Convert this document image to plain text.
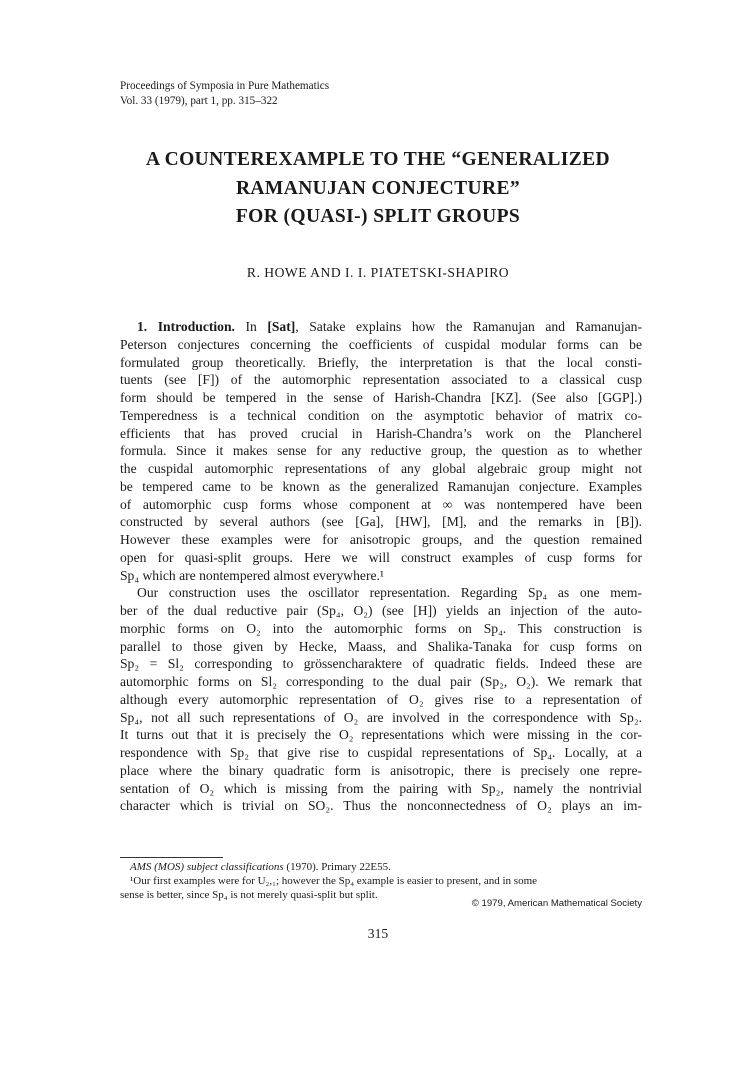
Proceedings of Symposia in Pure Mathematics
Vol. 33 (1979), part 1, pp. 315–322
A COUNTEREXAMPLE TO THE “GENERALIZED
RAMANUJAN CONJECTURE”
FOR (QUASI-) SPLIT GROUPS
R. HOWE AND I. I. PIATETSKI-SHAPIRO
1. Introduction. In [Sat], Satake explains how the Ramanujan and Ramanujan-
Peterson conjectures concerning the coefficients of cuspidal modular forms can be
formulated group theoretically. Briefly, the interpretation is that the local consti-
tuents (see [F]) of the automorphic representation associated to a classical cusp
form should be tempered in the sense of Harish-Chandra [KZ]. (See also [GGP].)
Temperedness is a technical condition on the asymptotic behavior of matrix co-
efficients that has proved crucial in Harish-Chandra’s work on the Plancherel
formula. Since it makes sense for any reductive group, the question as to whether
the cuspidal automorphic representations of any global algebraic group might not
be tempered came to be known as the generalized Ramanujan conjecture. Examples
of automorphic cusp forms whose component at ∞ was nontempered have been
constructed by several authors (see [Ga], [HW], [M], and the remarks in [B]).
However these examples were for anisotropic groups, and the question remained
open for quasi-split groups. Here we will construct examples of cusp forms for
Sp₄ which are nontempered almost everywhere.¹
Our construction uses the oscillator representation. Regarding Sp₄ as one mem-
ber of the dual reductive pair (Sp₄, O₂) (see [H]) yields an injection of the auto-
morphic forms on O₂ into the automorphic forms on Sp₄. This construction is
parallel to those given by Hecke, Maass, and Shalika-Tanaka for cusp forms on
Sp₂ = Sl₂ corresponding to grössencharaktere of quadratic fields. Indeed these are
automorphic forms on Sl₂ corresponding to the dual pair (Sp₂, O₂). We remark that
although every automorphic representation of O₂ gives rise to a representation of
Sp₄, not all such representations of O₂ are involved in the correspondence with Sp₂.
It turns out that it is precisely the O₂ representations which were missing in the cor-
respondence with Sp₂ that give rise to cuspidal representations of Sp₄. Locally, at a
place where the binary quadratic form is anisotropic, there is precisely one repre-
sentation of O₂ which is missing from the pairing with Sp₂, namely the nontrivial
character which is trivial on SO₂. Thus the nonconnectedness of O₂ plays an im-
AMS (MOS) subject classifications (1970). Primary 22E55.
¹Our first examples were for U₂,₁; however the Sp₄ example is easier to present, and in some
sense is better, since Sp₄ is not merely quasi-split but split.
© 1979, American Mathematical Society
315
